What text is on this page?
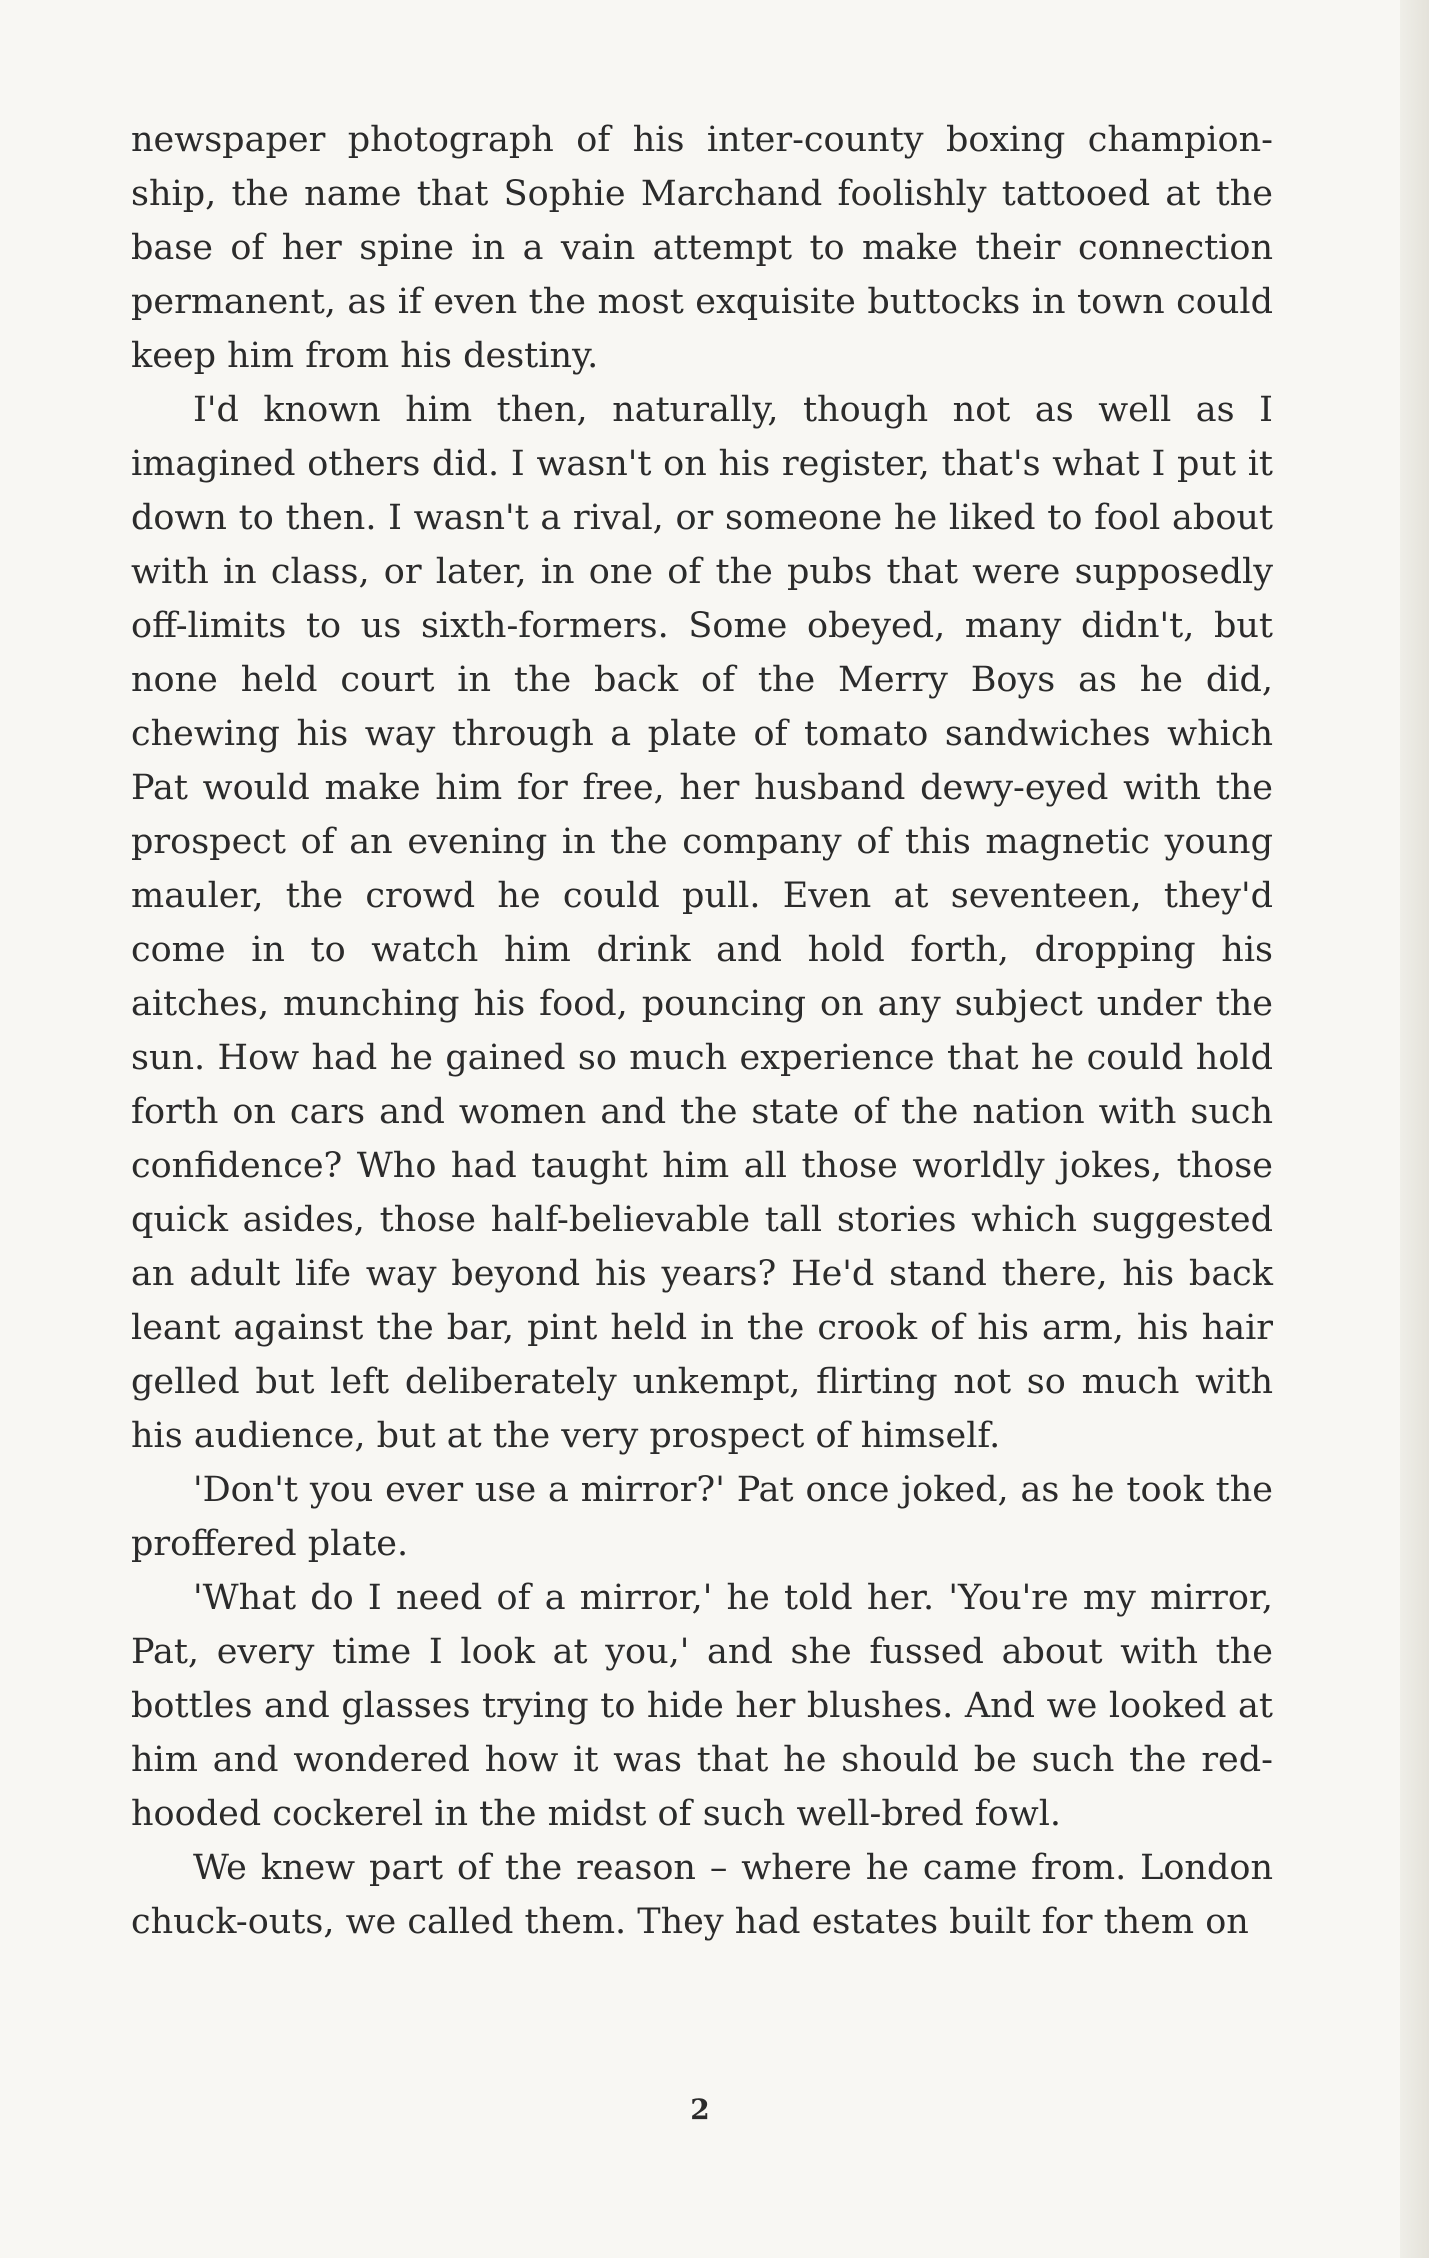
newspaper photograph of his inter-county boxing championship, the name that Sophie Marchand foolishly tattooed at the base of her spine in a vain attempt to make their connection permanent, as if even the most exquisite buttocks in town could keep him from his destiny.

I'd known him then, naturally, though not as well as I imagined others did. I wasn't on his register, that's what I put it down to then. I wasn't a rival, or someone he liked to fool about with in class, or later, in one of the pubs that were supposedly off-limits to us sixth-formers. Some obeyed, many didn't, but none held court in the back of the Merry Boys as he did, chewing his way through a plate of tomato sandwiches which Pat would make him for free, her husband dewy-eyed with the prospect of an evening in the company of this magnetic young mauler, the crowd he could pull. Even at seventeen, they'd come in to watch him drink and hold forth, dropping his aitches, munching his food, pouncing on any subject under the sun. How had he gained so much experience that he could hold forth on cars and women and the state of the nation with such confidence? Who had taught him all those worldly jokes, those quick asides, those half-believable tall stories which suggested an adult life way beyond his years? He'd stand there, his back leant against the bar, pint held in the crook of his arm, his hair gelled but left deliberately unkempt, flirting not so much with his audience, but at the very prospect of himself.

'Don't you ever use a mirror?' Pat once joked, as he took the proffered plate.

'What do I need of a mirror,' he told her. 'You're my mirror, Pat, every time I look at you,' and she fussed about with the bottles and glasses trying to hide her blushes. And we looked at him and wondered how it was that he should be such the red-hooded cockerel in the midst of such well-bred fowl.

We knew part of the reason – where he came from. London chuck-outs, we called them. They had estates built for them on

2
